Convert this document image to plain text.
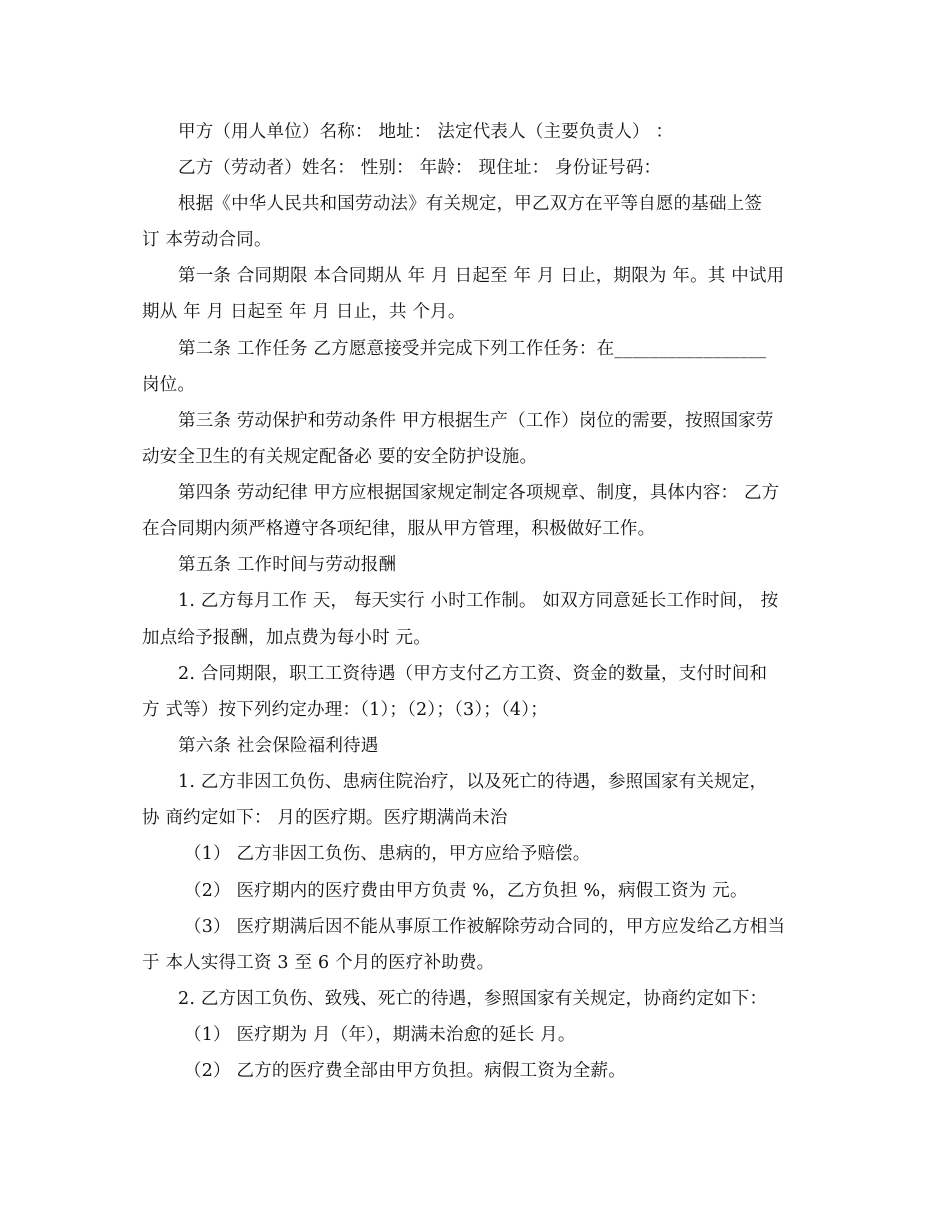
甲方（用人单位）名称： 地址： 法定代表人（主要负责人） ：
乙方（劳动者）姓名： 性别： 年龄： 现住址： 身份证号码：
根据《中华人民共和国劳动法》有关规定，甲乙双方在平等自愿的基础上签
订 本劳动合同。
第一条 合同期限 本合同期从 年 月 日起至 年 月 日止，期限为 年。其 中试用
期从 年 月 日起至 年 月 日止，共 个月。
第二条 工作任务 乙方愿意接受并完成下列工作任务：在_________________
岗位。
第三条 劳动保护和劳动条件 甲方根据生产（工作）岗位的需要，按照国家劳
动安全卫生的有关规定配备必 要的安全防护设施。
第四条 劳动纪律 甲方应根据国家规定制定各项规章、制度，具体内容： 乙方
在合同期内须严格遵守各项纪律，服从甲方管理，积极做好工作。
第五条 工作时间与劳动报酬
1. 乙方每月工作 天， 每天实行 小时工作制。 如双方同意延长工作时间， 按
加点给予报酬，加点费为每小时 元。
2. 合同期限，职工工资待遇（甲方支付乙方工资、资金的数量，支付时间和
方 式等）按下列约定办理：（1）；（2）；（3）；（4）；
第六条 社会保险福利待遇
1. 乙方非因工负伤、患病住院治疗，以及死亡的待遇，参照国家有关规定，
协 商约定如下： 月的医疗期。医疗期满尚未治
（1） 乙方非因工负伤、患病的，甲方应给予赔偿。
（2） 医疗期内的医疗费由甲方负责 %，乙方负担 %，病假工资为 元。
（3） 医疗期满后因不能从事原工作被解除劳动合同的，甲方应发给乙方相当
于 本人实得工资 3 至 6 个月的医疗补助费。
2. 乙方因工负伤、致残、死亡的待遇，参照国家有关规定，协商约定如下：
（1） 医疗期为 月（年），期满未治愈的延长 月。
（2） 乙方的医疗费全部由甲方负担。病假工资为全薪。
